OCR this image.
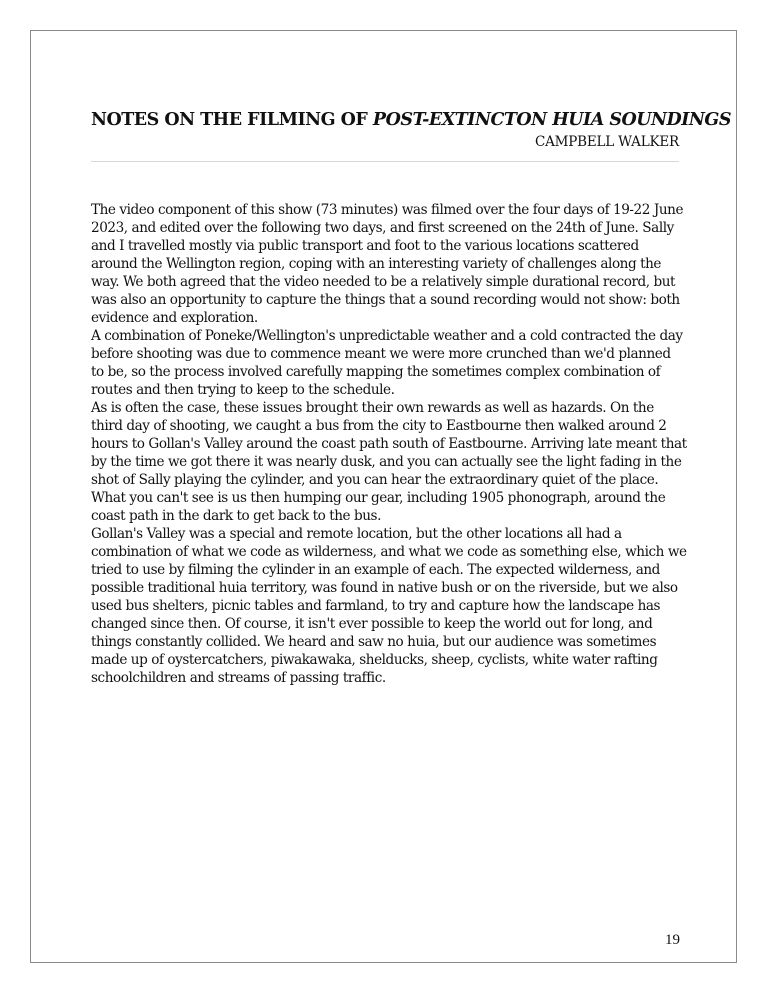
NOTES ON THE FILMING OF POST-EXTINCTON HUIA SOUNDINGS
CAMPBELL WALKER

The video component of this show (73 minutes) was filmed over the four days of 19-22 June 2023, and edited over the following two days, and first screened on the 24th of June. Sally and I travelled mostly via public transport and foot to the various locations scattered around the Wellington region, coping with an interesting variety of challenges along the way. We both agreed that the video needed to be a relatively simple durational record, but was also an opportunity to capture the things that a sound recording would not show: both evidence and exploration.

A combination of Poneke/Wellington's unpredictable weather and a cold contracted the day before shooting was due to commence meant we were more crunched than we'd planned to be, so the process involved carefully mapping the sometimes complex combination of routes and then trying to keep to the schedule.

As is often the case, these issues brought their own rewards as well as hazards. On the third day of shooting, we caught a bus from the city to Eastbourne then walked around 2 hours to Gollan's Valley around the coast path south of Eastbourne. Arriving late meant that by the time we got there it was nearly dusk, and you can actually see the light fading in the shot of Sally playing the cylinder, and you can hear the extraordinary quiet of the place. What you can't see is us then humping our gear, including 1905 phonograph, around the coast path in the dark to get back to the bus.

Gollan's Valley was a special and remote location, but the other locations all had a combination of what we code as wilderness, and what we code as something else, which we tried to use by filming the cylinder in an example of each. The expected wilderness, and possible traditional huia territory, was found in native bush or on the riverside, but we also used bus shelters, picnic tables and farmland, to try and capture how the landscape has changed since then. Of course, it isn't ever possible to keep the world out for long, and things constantly collided. We heard and saw no huia, but our audience was sometimes made up of oystercatchers, piwakawaka, shelducks, sheep, cyclists, white water rafting schoolchildren and streams of passing traffic.

19
